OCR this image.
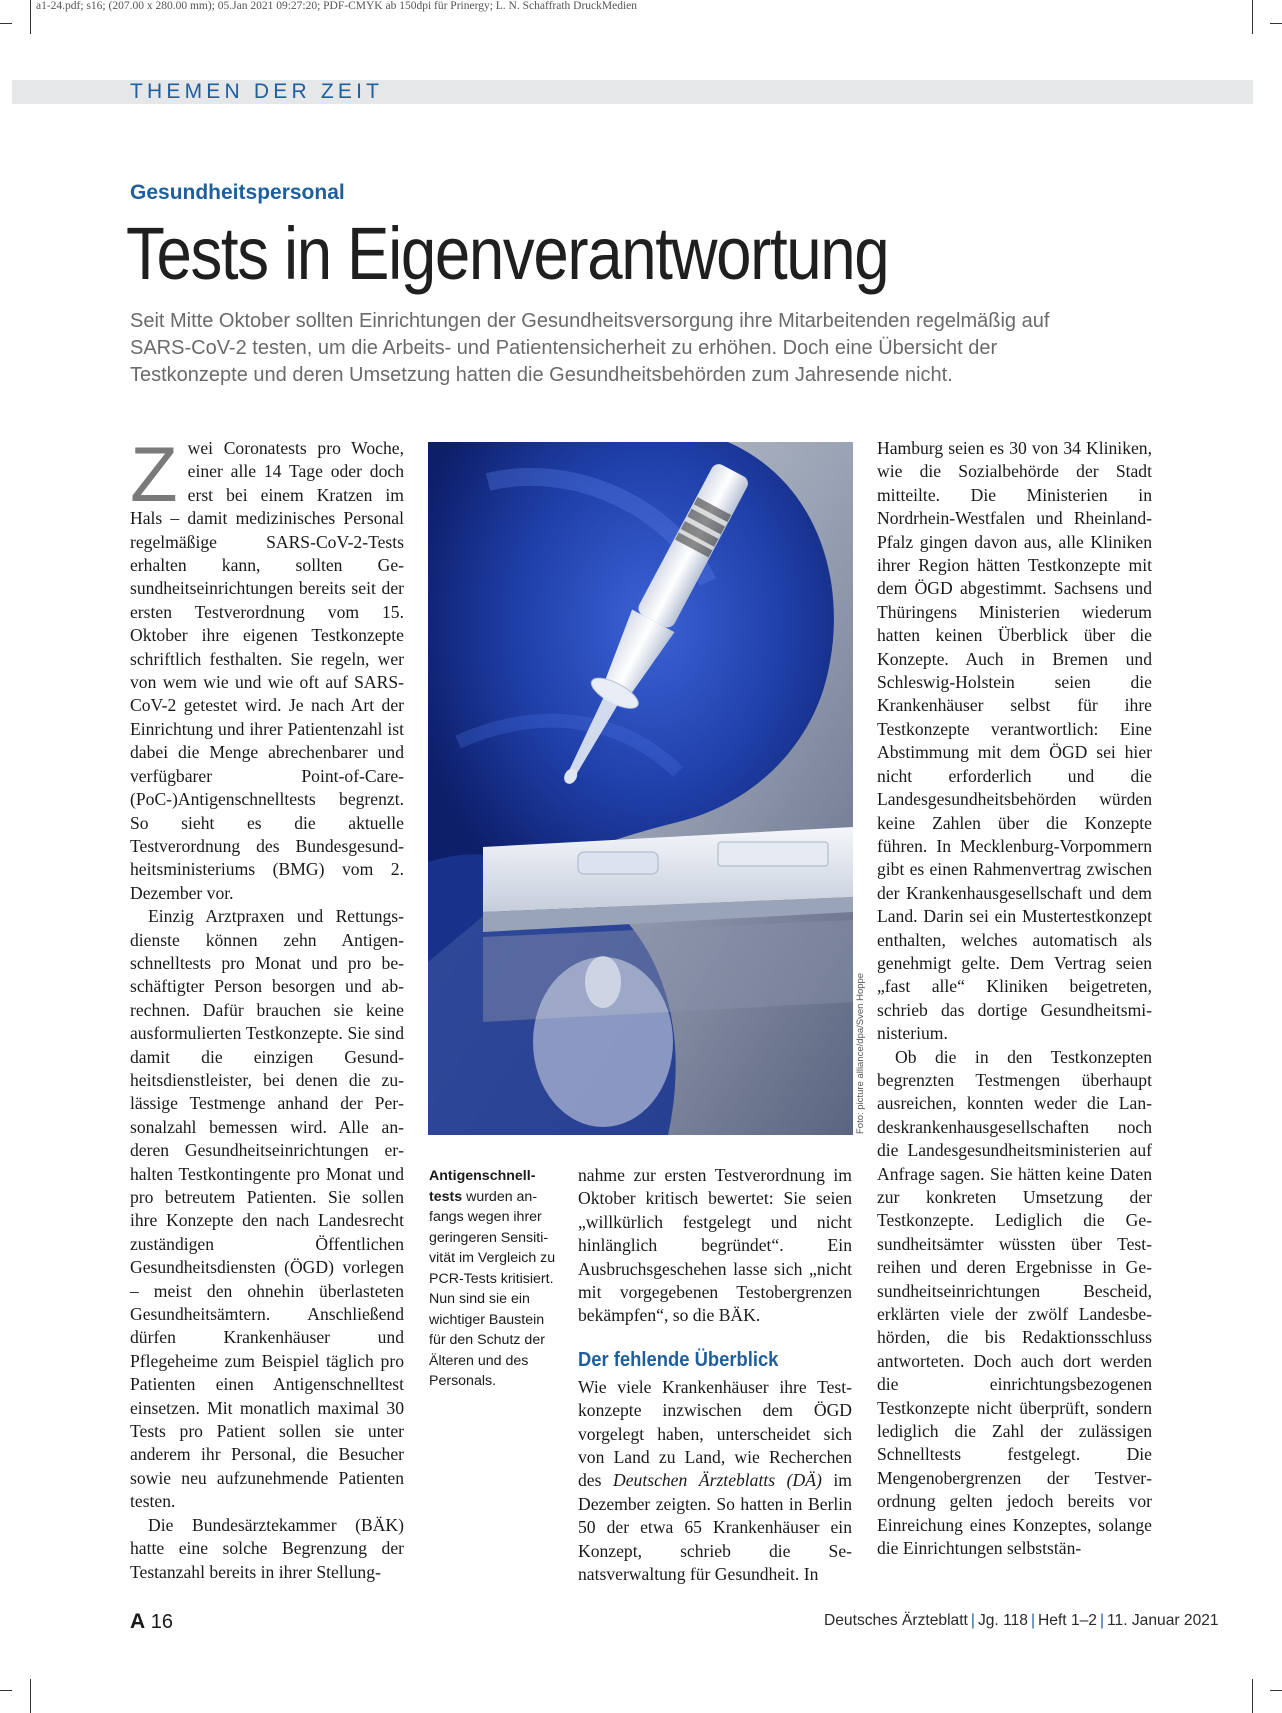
a1-24.pdf; s16; (207.00 x 280.00 mm); 05.Jan 2021 09:27:20; PDF-CMYK ab 150dpi für Prinergy; L. N. Schaffrath DruckMedien
THEMEN DER ZEIT
Gesundheitspersonal
Tests in Eigenverantwortung
Seit Mitte Oktober sollten Einrichtungen der Gesundheitsversorgung ihre Mitarbeitenden regelmäßig auf SARS-CoV-2 testen, um die Arbeits- und Patientensicherheit zu erhöhen. Doch eine Übersicht der Testkonzepte und deren Umsetzung hatten die Gesundheitsbehörden zum Jahresende nicht.

Zwei Coronatests pro Woche, einer alle 14 Tage oder doch erst bei einem Kratzen im Hals – damit medizinisches Personal regelmäßige SARS-CoV-2-Tests erhalten kann, sollten Gesundheitseinrichtungen bereits seit der ersten Testverordnung vom 15. Oktober ihre eigenen Testkonzepte schriftlich festhalten. Sie regeln, wer von wem wie und wie oft auf SARS-CoV-2 getestet wird. Je nach Art der Einrichtung und ihrer Patientenzahl ist dabei die Menge abrechenbarer und verfügbarer Point-of-Care-(PoC-)Antigenschnelltests begrenzt. So sieht es die aktuelle Testverordnung des Bundesgesundheitsministeriums (BMG) vom 2. Dezember vor.

Einzig Arztpraxen und Rettungsdienste können zehn Antigenschnelltests pro Monat und pro beschäftigter Person besorgen und abrechnen. Dafür brauchen sie keine ausformulierten Testkonzepte. Sie sind damit die einzigen Gesundheitsdienstleister, bei denen die zulässige Testmenge anhand der Personalzahl bemessen wird. Alle anderen Gesundheitseinrichtungen erhalten Testkontingente pro Monat und pro betreutem Patienten. Sie sollen ihre Konzepte den nach Landesrecht zuständigen Öffentlichen Gesundheitsdiensten (ÖGD) vorlegen – meist den ohnehin überlasteten Gesundheitsämtern. Anschließend dürfen Krankenhäuser und Pflegeheime zum Beispiel täglich pro Patienten einen Antigenschnelltest einsetzen. Mit monatlich maximal 30 Tests pro Patient sollen sie unter anderem ihr Personal, die Besucher sowie neu aufzunehmende Patienten testen.

Die Bundesärztekammer (BÄK) hatte eine solche Begrenzung der Testanzahl bereits in ihrer Stellung-

Foto: picture alliance/dpa/Sven Hoppe
Antigenschnelltests wurden anfangs wegen ihrer geringeren Sensitivität im Vergleich zu PCR-Tests kritisiert. Nun sind sie ein wichtiger Baustein für den Schutz der Älteren und des Personals.

nahme zur ersten Testverordnung im Oktober kritisch bewertet: Sie seien „willkürlich festgelegt und nicht hinlänglich begründet“. Ein Ausbruchsgeschehen lasse sich „nicht mit vorgegebenen Testobergrenzen bekämpfen“, so die BÄK.

Der fehlende Überblick

Wie viele Krankenhäuser ihre Testkonzepte inzwischen dem ÖGD vorgelegt haben, unterscheidet sich von Land zu Land, wie Recherchen des Deutschen Ärzteblatts (DÄ) im Dezember zeigten. So hatten in Berlin 50 der etwa 65 Krankenhäuser ein Konzept, schrieb die Senatsverwaltung für Gesundheit. In

Hamburg seien es 30 von 34 Kliniken, wie die Sozialbehörde der Stadt mitteilte. Die Ministerien in Nordrhein-Westfalen und Rheinland-Pfalz gingen davon aus, alle Kliniken ihrer Region hätten Testkonzepte mit dem ÖGD abgestimmt. Sachsens und Thüringens Ministerien wiederum hatten keinen Überblick über die Konzepte. Auch in Bremen und Schleswig-Holstein seien die Krankenhäuser selbst für ihre Testkonzepte verantwortlich: Eine Abstimmung mit dem ÖGD sei hier nicht erforderlich und die Landesgesundheitsbehörden würden keine Zahlen über die Konzepte führen. In Mecklenburg-Vorpommern gibt es einen Rahmenvertrag zwischen der Krankenhausgesellschaft und dem Land. Darin sei ein Mustertestkonzept enthalten, welches automatisch als genehmigt gelte. Dem Vertrag seien „fast alle“ Kliniken beigetreten, schrieb das dortige Gesundheitsministerium.

Ob die in den Testkonzepten begrenzten Testmengen überhaupt ausreichen, konnten weder die Landeskrankenhausgesellschaften noch die Landesgesundheitsministerien auf Anfrage sagen. Sie hätten keine Daten zur konkreten Umsetzung der Testkonzepte. Lediglich die Gesundheitsämter wüssten über Testreihen und deren Ergebnisse in Gesundheitseinrichtungen Bescheid, erklärten viele der zwölf Landesbehörden, die bis Redaktionsschluss antworteten. Doch auch dort werden die einrichtungsbezogenen Testkonzepte nicht überprüft, sondern lediglich die Zahl der zulässigen Schnelltests festgelegt. Die Mengenobergrenzen der Testverordnung gelten jedoch bereits vor Einreichung eines Konzeptes, solange die Einrichtungen selbststän-

A 16	Deutsches Ärzteblatt | Jg. 118 | Heft 1–2 | 11. Januar 2021
